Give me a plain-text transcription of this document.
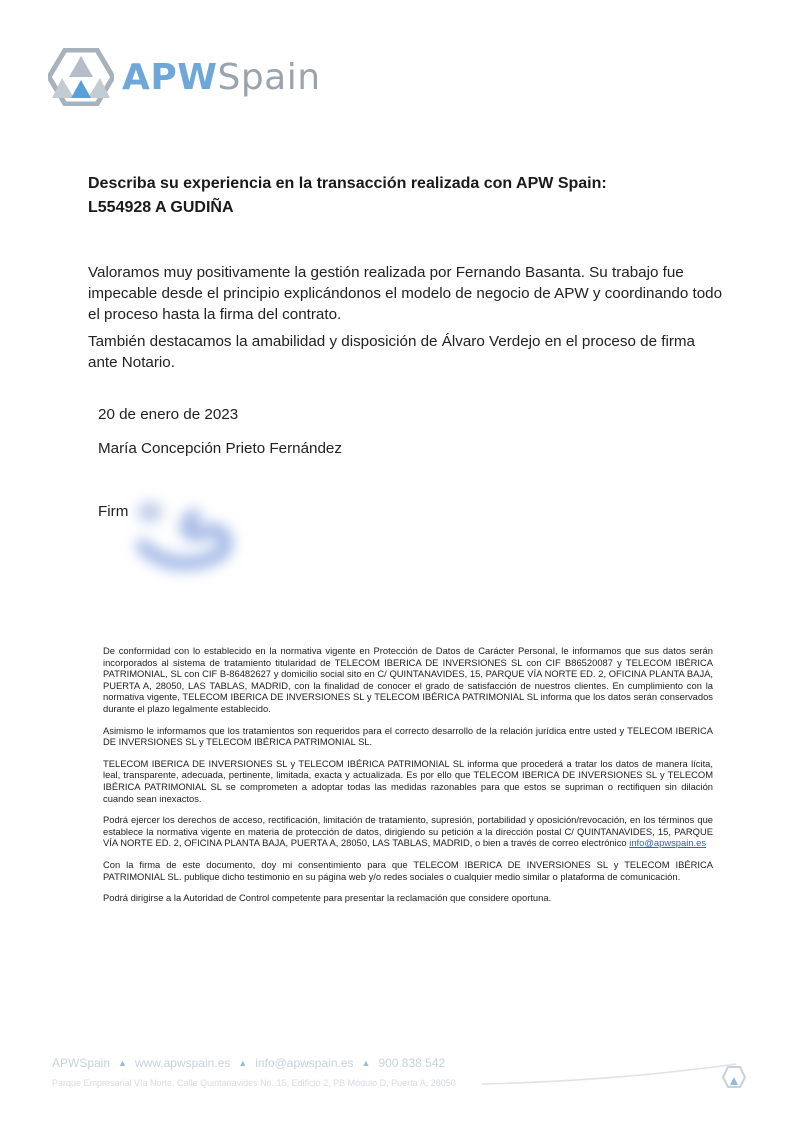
APWSpain
Describa su experiencia en la transacción realizada con APW Spain:
L554928 A GUDIÑA
Valoramos muy positivamente la gestión realizada por Fernando Basanta. Su trabajo fue impecable desde el principio explicándonos el modelo de negocio de APW y coordinando todo el proceso hasta la firma del contrato.
También destacamos la amabilidad y disposición de Álvaro Verdejo en el proceso de firma ante Notario.
20 de enero de 2023
María Concepción Prieto Fernández
Firm

De conformidad con lo establecido en la normativa vigente en Protección de Datos de Carácter Personal, le informamos que sus datos serán incorporados al sistema de tratamiento titularidad de TELECOM IBERICA DE INVERSIONES SL con CIF B86520087 y TELECOM IBÉRICA PATRIMONIAL, SL con CIF B-86482627 y domicilio social sito en C/ QUINTANAVIDES, 15, PARQUE VÍA NORTE ED. 2, OFICINA PLANTA BAJA, PUERTA A, 28050, LAS TABLAS, MADRID, con la finalidad de conocer el grado de satisfacción de nuestros clientes. En cumplimiento con la normativa vigente, TELECOM IBERICA DE INVERSIONES SL y TELECOM IBÉRICA PATRIMONIAL SL informa que los datos serán conservados durante el plazo legalmente establecido.

Asimismo le informamos que los tratamientos son requeridos para el correcto desarrollo de la relación jurídica entre usted y TELECOM IBERICA DE INVERSIONES SL y TELECOM IBÉRICA PATRIMONIAL SL.

TELECOM IBERICA DE INVERSIONES SL y TELECOM IBÉRICA PATRIMONIAL SL informa que procederá a tratar los datos de manera lícita, leal, transparente, adecuada, pertinente, limitada, exacta y actualizada. Es por ello que TELECOM IBERICA DE INVERSIONES SL y TELECOM IBÉRICA PATRIMONIAL SL se comprometen a adoptar todas las medidas razonables para que estos se supriman o rectifiquen sin dilación cuando sean inexactos.

Podrá ejercer los derechos de acceso, rectificación, limitación de tratamiento, supresión, portabilidad y oposición/revocación, en los términos que establece la normativa vigente en materia de protección de datos, dirigiendo su petición a la dirección postal C/ QUINTANAVIDES, 15, PARQUE VÍA NORTE ED. 2, OFICINA PLANTA BAJA, PUERTA A, 28050, LAS TABLAS, MADRID, o bien a través de correo electrónico info@apwspain.es

Con la firma de este documento, doy mi consentimiento para que TELECOM IBERICA DE INVERSIONES SL y TELECOM IBÉRICA PATRIMONIAL SL. publique dicho testimonio en su página web y/o redes sociales o cualquier medio similar o plataforma de comunicación.

Podrá dirigirse a la Autoridad de Control competente para presentar la reclamación que considere oportuna.

APWSpain ▲ www.apwspain.es ▲ info@apwspain.es ▲ 900 838 542
Parque Empresarial Vía Norte. Calle Quintanavides No. 15, Edificio 2, PB Módulo D, Puerta A, 28050
